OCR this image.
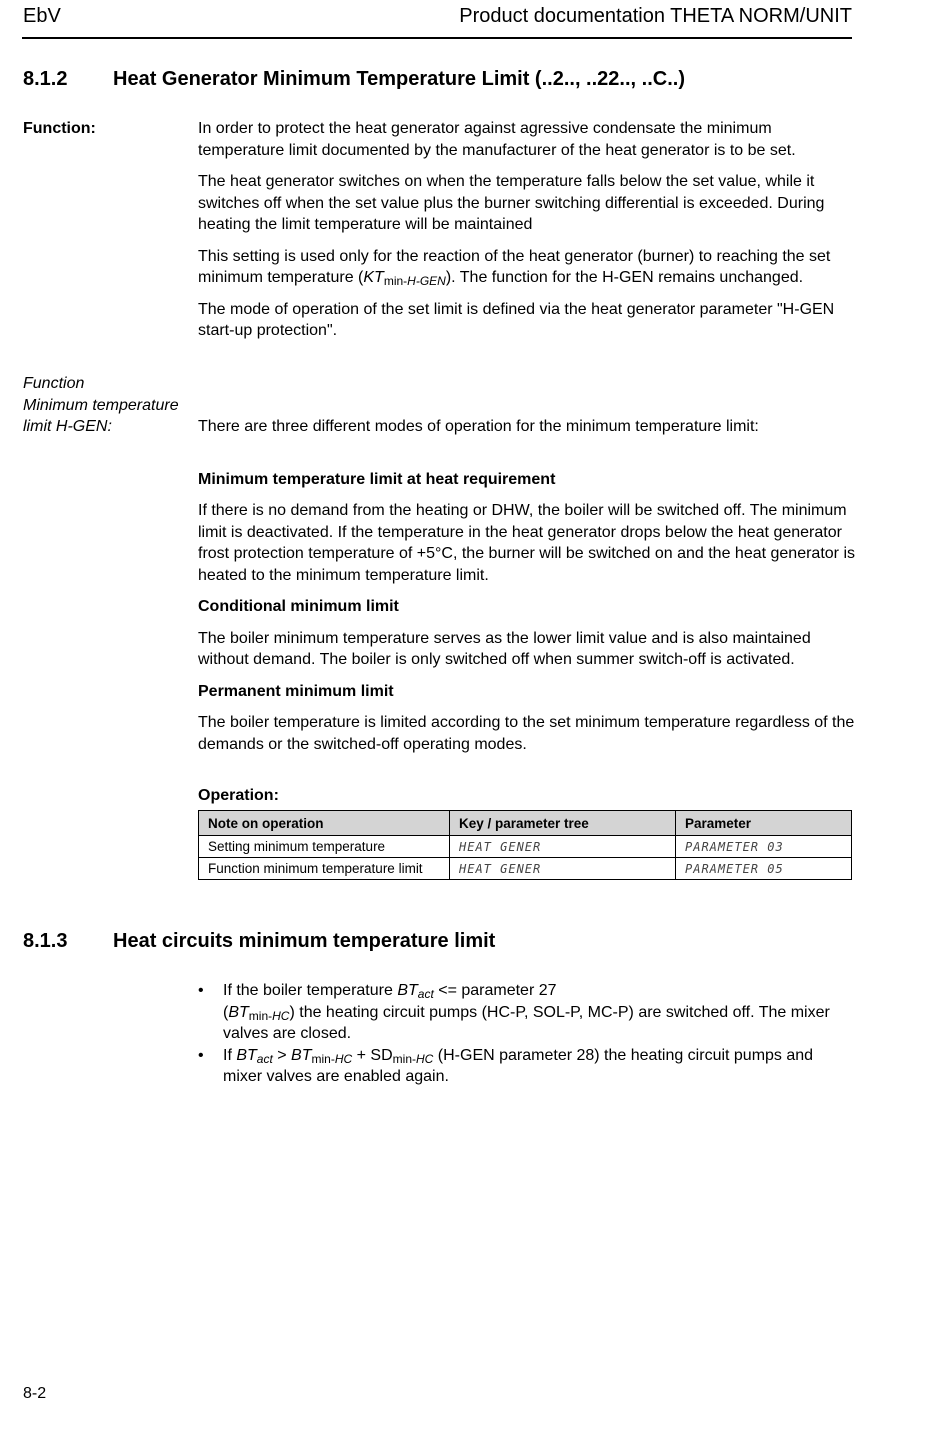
EbV	Product documentation THETA NORM/UNIT
8.1.2 Heat Generator Minimum Temperature Limit (..2.., ..22.., ..C..)
Function:	In order to protect the heat generator against agressive condensate the minimum temperature limit documented by the manufacturer of the heat generator is to be set.

The heat generator switches on when the temperature falls below the set value, while it switches off when the set value plus the burner switching differential is exceeded. During heating the limit temperature will be maintained

This setting is used only for the reaction of the heat generator (burner) to reaching the set minimum temperature $(KT_{min-H-GEN})$. The function for the H-GEN remains unchanged.

The mode of operation of the set limit is defined via the heat generator parameter "H-GEN start-up protection".

Function
Minimum temperature
limit H-GEN:	There are three different modes of operation for the minimum temperature limit:

Minimum temperature limit at heat requirement

If there is no demand from the heating or DHW, the boiler will be switched off. The minimum limit is deactivated. If the temperature in the heat generator drops below the heat generator frost protection temperature of +5°C, the burner will be switched on and the heat generator is heated to the minimum temperature limit.

Conditional minimum limit

The boiler minimum temperature serves as the lower limit value and is also maintained without demand. The boiler is only switched off when summer switch-off is activated.

Permanent minimum limit

The boiler temperature is limited according to the set minimum temperature regardless of the demands or the switched-off operating modes.

Operation:
Note on operation	Key / parameter tree	Parameter
Setting minimum temperature	HEAT GENER	PARAMETER 03
Function minimum temperature limit	HEAT GENER	PARAMETER 05
8.1.3 Heat circuits minimum temperature limit
• If the boiler temperature $BT_{act}$ <= parameter 27
$(BT_{min-HC})$ the heating circuit pumps (HC-P, SOL-P, MC-P) are switched off. The mixer valves are closed.
• If $BT_{act} > BT_{min-HC} + SD_{min-HC}$ (H-GEN parameter 28) the heating circuit pumps and mixer valves are enabled again.
8-2
